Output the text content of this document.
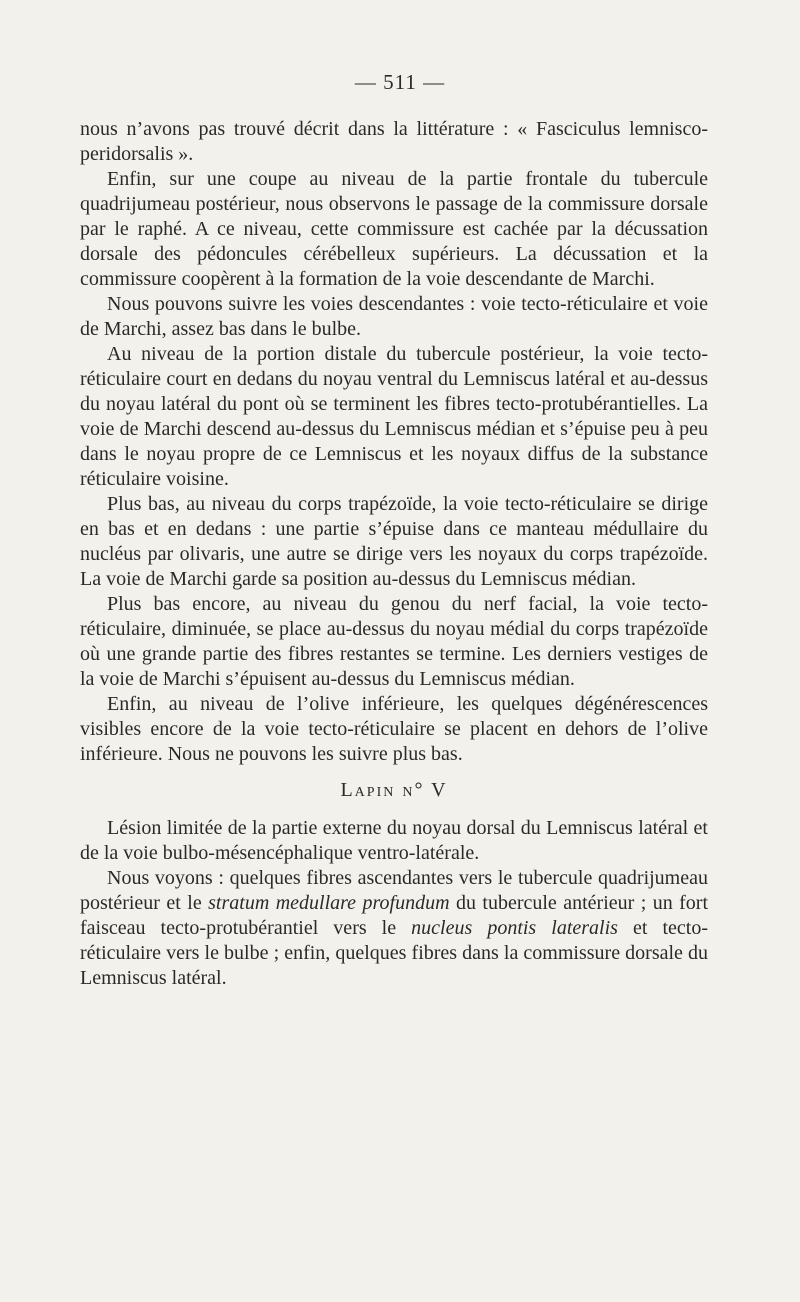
— 511 —

nous n’avons pas trouvé décrit dans la littérature : « Fasciculus lemnisco-peridorsalis ».

Enfin, sur une coupe au niveau de la partie frontale du tubercule quadrijumeau postérieur, nous observons le passage de la commissure dorsale par le raphé. A ce niveau, cette commissure est cachée par la décussation dorsale des pédoncules cérébelleux supérieurs. La décussation et la commissure coopèrent à la formation de la voie descendante de Marchi.

Nous pouvons suivre les voies descendantes : voie tecto-réticulaire et voie de Marchi, assez bas dans le bulbe.

Au niveau de la portion distale du tubercule postérieur, la voie tecto-réticulaire court en dedans du noyau ventral du Lemniscus latéral et au-dessus du noyau latéral du pont où se terminent les fibres tecto-protubérantielles. La voie de Marchi descend au-dessus du Lemniscus médian et s’épuise peu à peu dans le noyau propre de ce Lemniscus et les noyaux diffus de la substance réticulaire voisine.

Plus bas, au niveau du corps trapézoïde, la voie tecto-réticulaire se dirige en bas et en dedans : une partie s’épuise dans ce manteau médullaire du nucléus par olivaris, une autre se dirige vers les noyaux du corps trapézoïde. La voie de Marchi garde sa position au-dessus du Lemniscus médian.

Plus bas encore, au niveau du genou du nerf facial, la voie tecto-réticulaire, diminuée, se place au-dessus du noyau médial du corps trapézoïde où une grande partie des fibres restantes se termine. Les derniers vestiges de la voie de Marchi s’épuisent au-dessus du Lemniscus médian.

Enfin, au niveau de l’olive inférieure, les quelques dégénérescences visibles encore de la voie tecto-réticulaire se placent en dehors de l’olive inférieure. Nous ne pouvons les suivre plus bas.

Lapin n° V

Lésion limitée de la partie externe du noyau dorsal du Lemniscus latéral et de la voie bulbo-mésencéphalique ventro-latérale.

Nous voyons : quelques fibres ascendantes vers le tubercule quadrijumeau postérieur et le stratum medullare profundum du tubercule antérieur ; un fort faisceau tecto-protubérantiel vers le nucleus pontis lateralis et tecto-réticulaire vers le bulbe ; enfin, quelques fibres dans la commissure dorsale du Lemniscus latéral.
